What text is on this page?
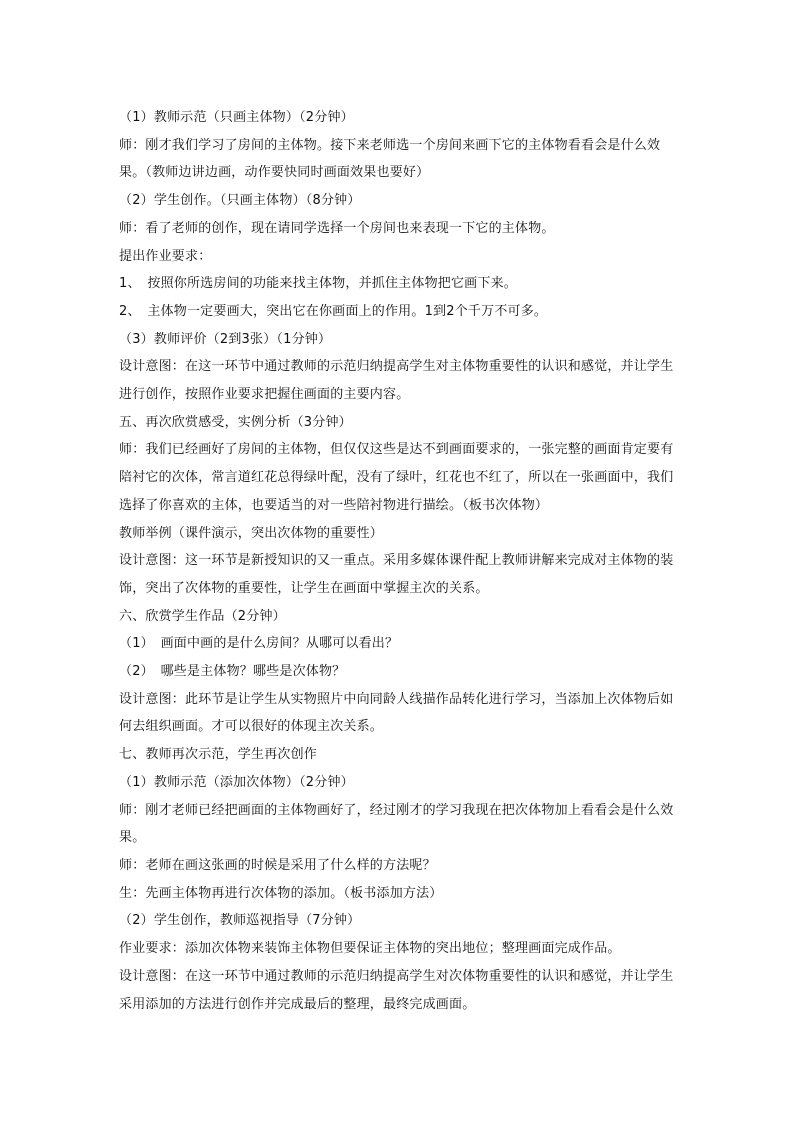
（1）教师示范（只画主体物）（2分钟）

师：刚才我们学习了房间的主体物。接下来老师选一个房间来画下它的主体物看看会是什么效果。（教师边讲边画，动作要快同时画面效果也要好）

（2）学生创作。（只画主体物）（8分钟）

师：看了老师的创作，现在请同学选择一个房间也来表现一下它的主体物。

提出作业要求：

1、　按照你所选房间的功能来找主体物，并抓住主体物把它画下来。

2、　主体物一定要画大，突出它在你画面上的作用。1到2个千万不可多。

（3）教师评价（2到3张）（1分钟）

设计意图：在这一环节中通过教师的示范归纳提高学生对主体物重要性的认识和感觉，并让学生进行创作，按照作业要求把握住画面的主要内容。

五、再次欣赏感受，实例分析（3分钟）

师：我们已经画好了房间的主体物，但仅仅这些是达不到画面要求的，一张完整的画面肯定要有陪衬它的次体，常言道红花总得绿叶配，没有了绿叶，红花也不红了，所以在一张画面中，我们选择了你喜欢的主体，也要适当的对一些陪衬物进行描绘。（板书次体物）

教师举例（课件演示，突出次体物的重要性）

设计意图：这一环节是新授知识的又一重点。采用多媒体课件配上教师讲解来完成对主体物的装饰，突出了次体物的重要性，让学生在画面中掌握主次的关系。

六、欣赏学生作品（2分钟）

（1）　画面中画的是什么房间？从哪可以看出？

（2）　哪些是主体物？哪些是次体物？

设计意图：此环节是让学生从实物照片中向同龄人线描作品转化进行学习，当添加上次体物后如何去组织画面。才可以很好的体现主次关系。

七、教师再次示范，学生再次创作

（1）教师示范（添加次体物）（2分钟）

师：刚才老师已经把画面的主体物画好了，经过刚才的学习我现在把次体物加上看看会是什么效果。

师：老师在画这张画的时候是采用了什么样的方法呢？

生：先画主体物再进行次体物的添加。（板书添加方法）

（2）学生创作，教师巡视指导（7分钟）

作业要求：添加次体物来装饰主体物但要保证主体物的突出地位；整理画面完成作品。

设计意图：在这一环节中通过教师的示范归纳提高学生对次体物重要性的认识和感觉，并让学生采用添加的方法进行创作并完成最后的整理，最终完成画面。
